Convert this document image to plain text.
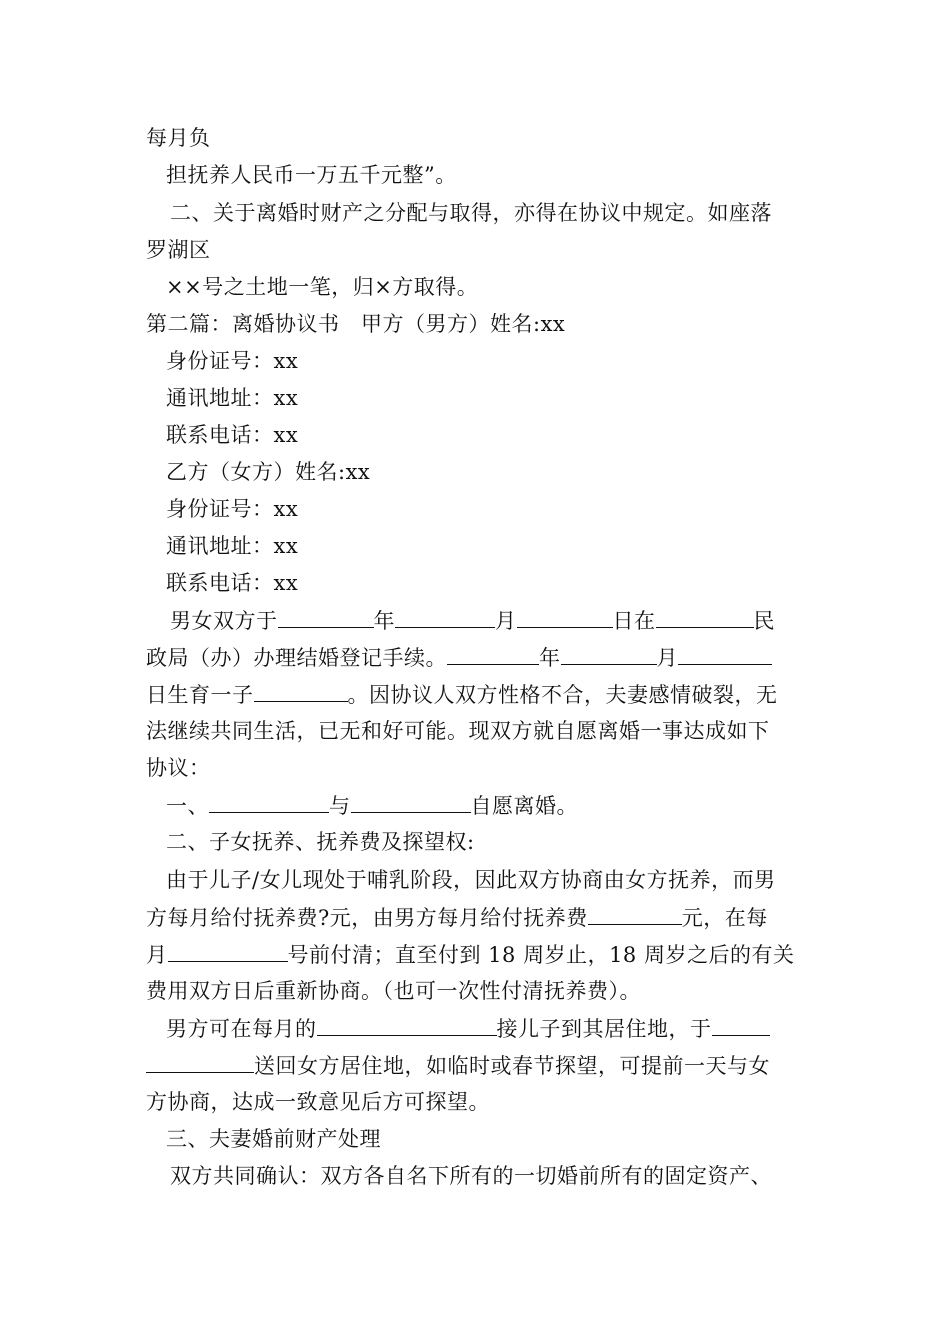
每月负
担抚养人民币一万五千元整”。
二、关于离婚时财产之分配与取得，亦得在协议中规定。如座落
罗湖区
××号之土地一笔，归×方取得。
第二篇：离婚协议书　甲方（男方）姓名:xx
身份证号：xx
通讯地址：xx
联系电话：xx
乙方（女方）姓名:xx
身份证号：xx
通讯地址：xx
联系电话：xx
男女双方于	年	月	日在	民
政局（办）办理结婚登记手续。	年	月
日生育一子	。因协议人双方性格不合，夫妻感情破裂，无
法继续共同生活，已无和好可能。现双方就自愿离婚一事达成如下
协议：
一、	与	自愿离婚。
二、子女抚养、抚养费及探望权:
由于儿子/女儿现处于哺乳阶段，因此双方协商由女方抚养，而男
方每月给付抚养费?元，由男方每月给付抚养费	元，在每
月	号前付清；直至付到 18 周岁止，18 周岁之后的有关
费用双方日后重新协商。（也可一次性付清抚养费）。
男方可在每月的	接儿子到其居住地，于
送回女方居住地，如临时或春节探望，可提前一天与女
方协商，达成一致意见后方可探望。
三、夫妻婚前财产处理
双方共同确认：双方各自名下所有的一切婚前所有的固定资产、
